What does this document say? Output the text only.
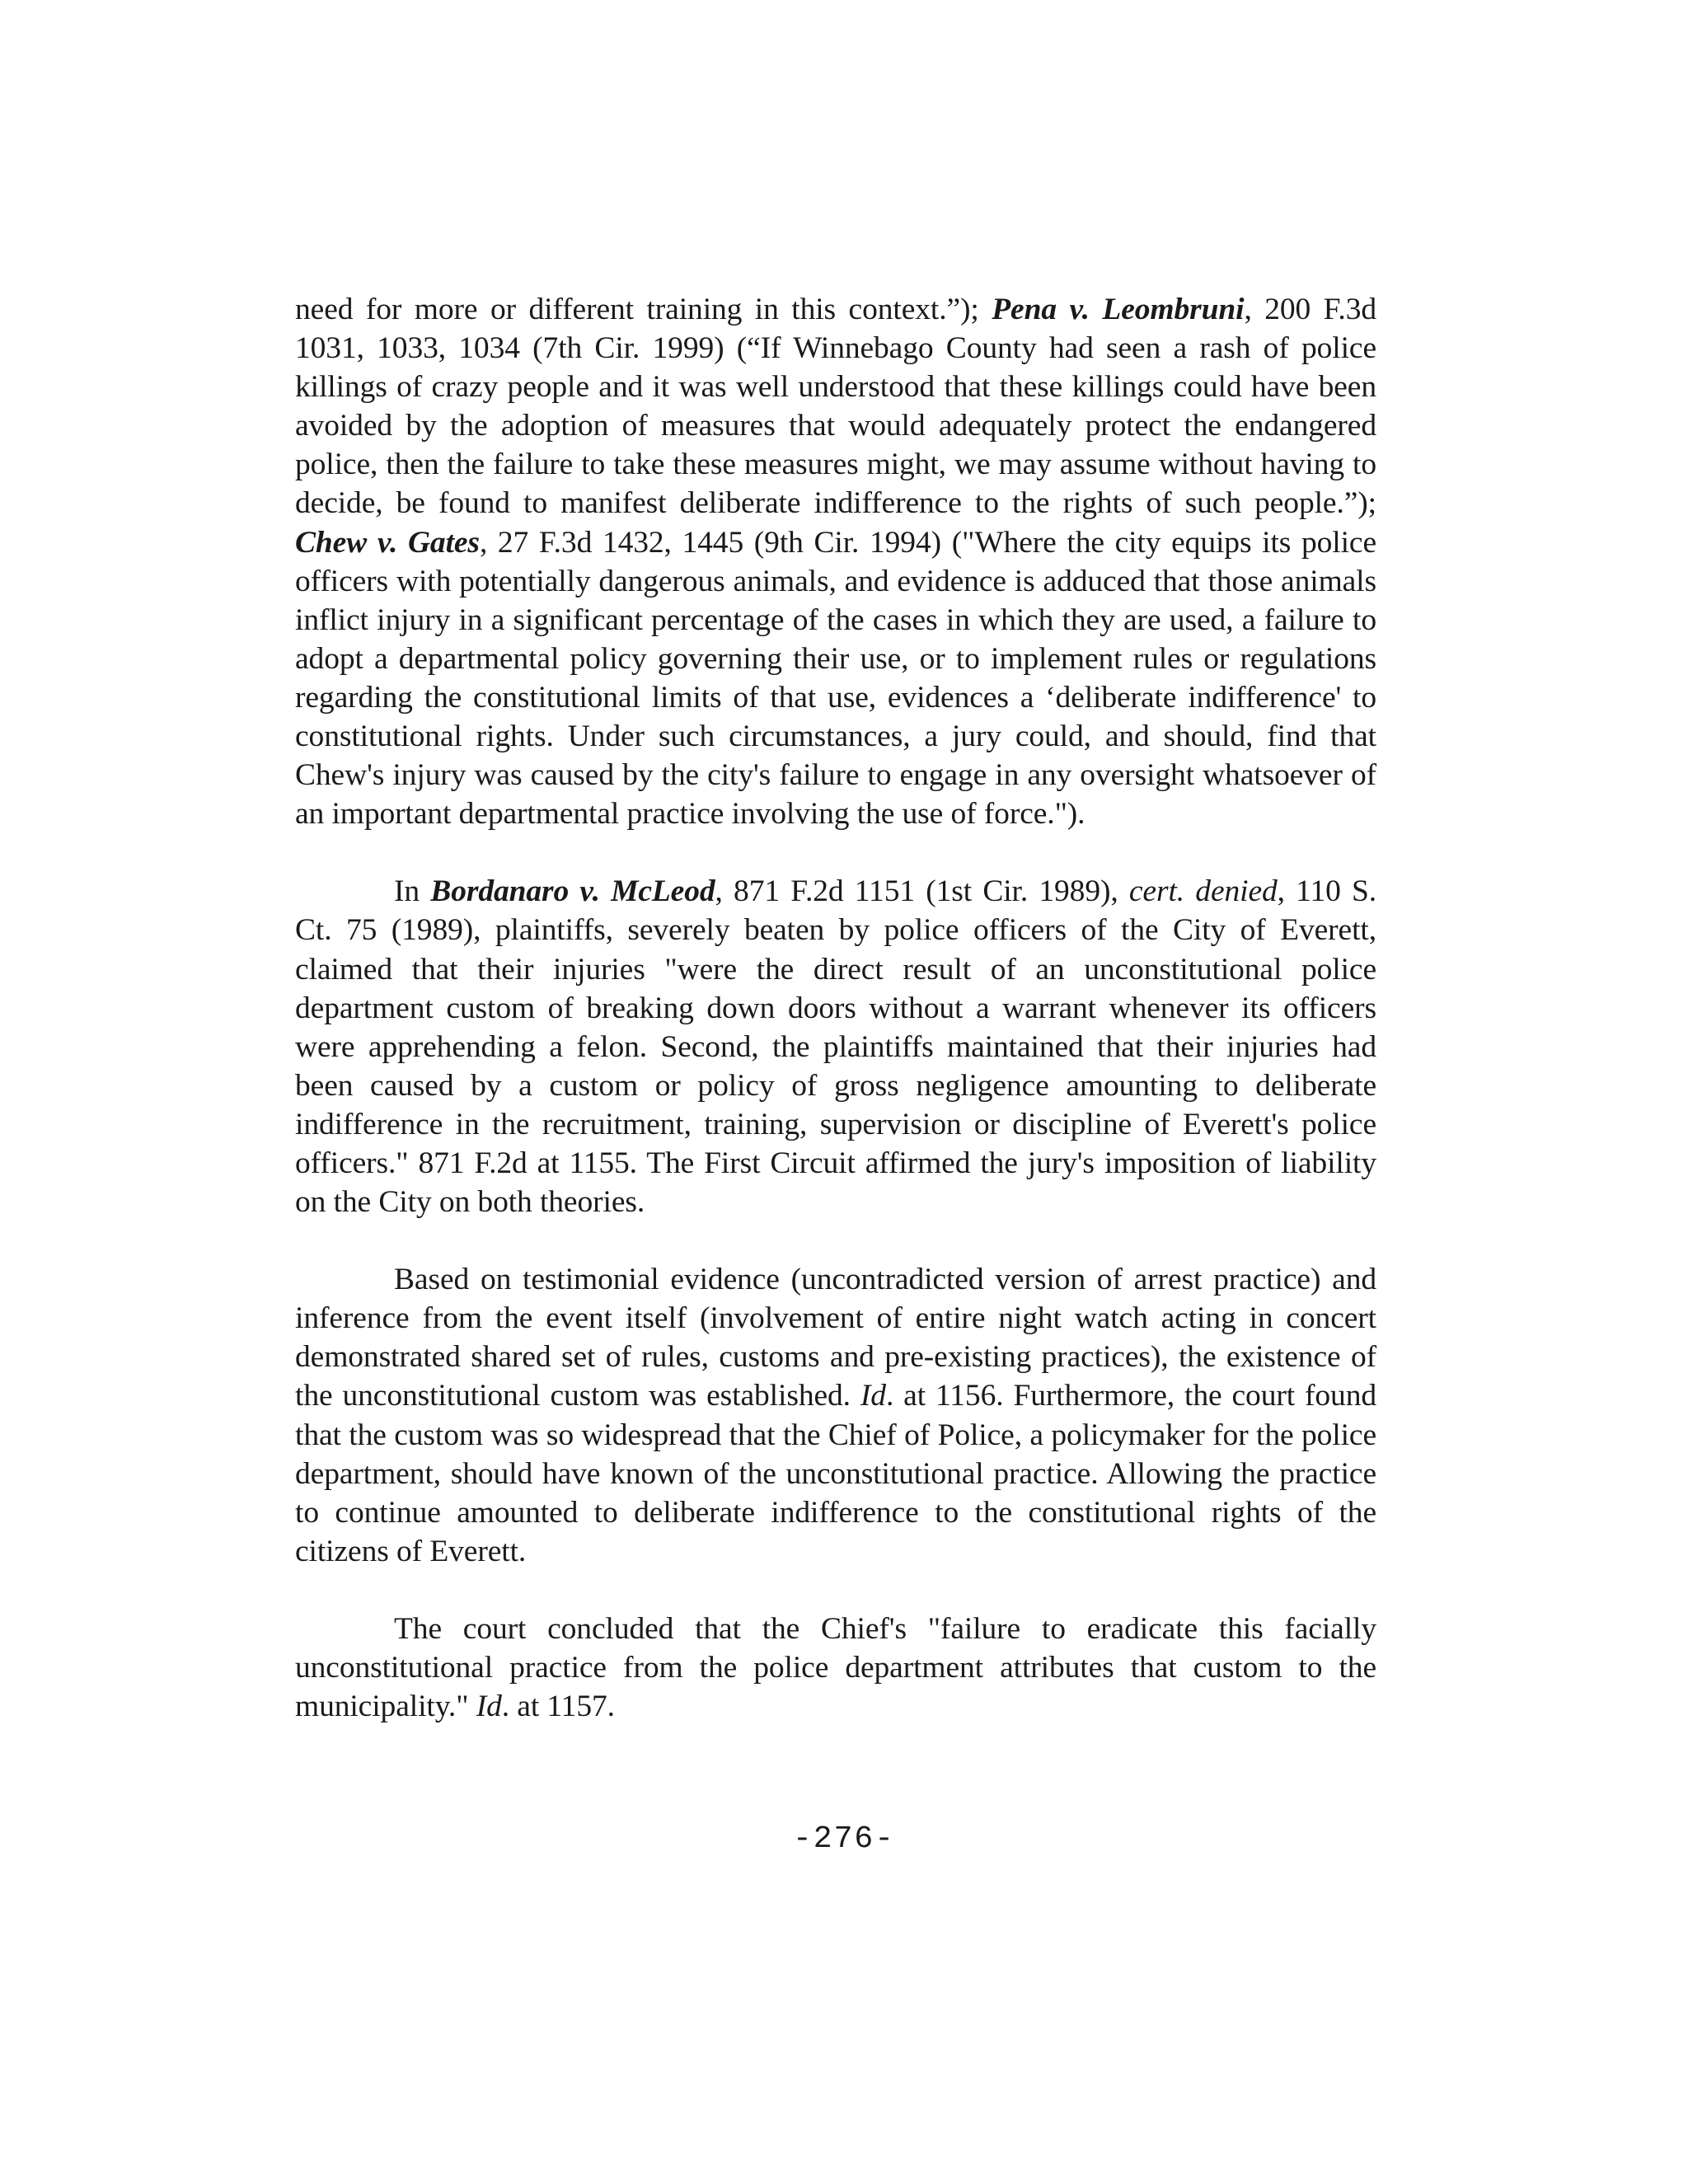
need for more or different training in this context.”); Pena v. Leombruni, 200 F.3d 1031, 1033, 1034 (7th Cir. 1999) (“If Winnebago County had seen a rash of police killings of crazy people and it was well understood that these killings could have been avoided by the adoption of measures that would adequately protect the endangered police, then the failure to take these measures might, we may assume without having to decide, be found to manifest deliberate indifference to the rights of such people.”); Chew v. Gates, 27 F.3d 1432, 1445 (9th Cir. 1994) ("Where the city equips its police officers with potentially dangerous animals, and evidence is adduced that those animals inflict injury in a significant percentage of the cases in which they are used, a failure to adopt a departmental policy governing their use, or to implement rules or regulations regarding the constitutional limits of that use, evidences a ‘deliberate indifference' to constitutional rights. Under such circumstances, a jury could, and should, find that Chew's injury was caused by the city's failure to engage in any oversight whatsoever of an important departmental practice involving the use of force.").

In Bordanaro v. McLeod, 871 F.2d 1151 (1st Cir. 1989), cert. denied, 110 S. Ct. 75 (1989), plaintiffs, severely beaten by police officers of the City of Everett, claimed that their injuries "were the direct result of an unconstitutional police department custom of breaking down doors without a warrant whenever its officers were apprehending a felon. Second, the plaintiffs maintained that their injuries had been caused by a custom or policy of gross negligence amounting to deliberate indifference in the recruitment, training, supervision or discipline of Everett's police officers." 871 F.2d at 1155. The First Circuit affirmed the jury's imposition of liability on the City on both theories.

Based on testimonial evidence (uncontradicted version of arrest practice) and inference from the event itself (involvement of entire night watch acting in concert demonstrated shared set of rules, customs and pre-existing practices), the existence of the unconstitutional custom was established. Id. at 1156. Furthermore, the court found that the custom was so widespread that the Chief of Police, a policymaker for the police department, should have known of the unconstitutional practice. Allowing the practice to continue amounted to deliberate indifference to the constitutional rights of the citizens of Everett.

The court concluded that the Chief's "failure to eradicate this facially unconstitutional practice from the police department attributes that custom to the municipality." Id. at 1157.

-276-
